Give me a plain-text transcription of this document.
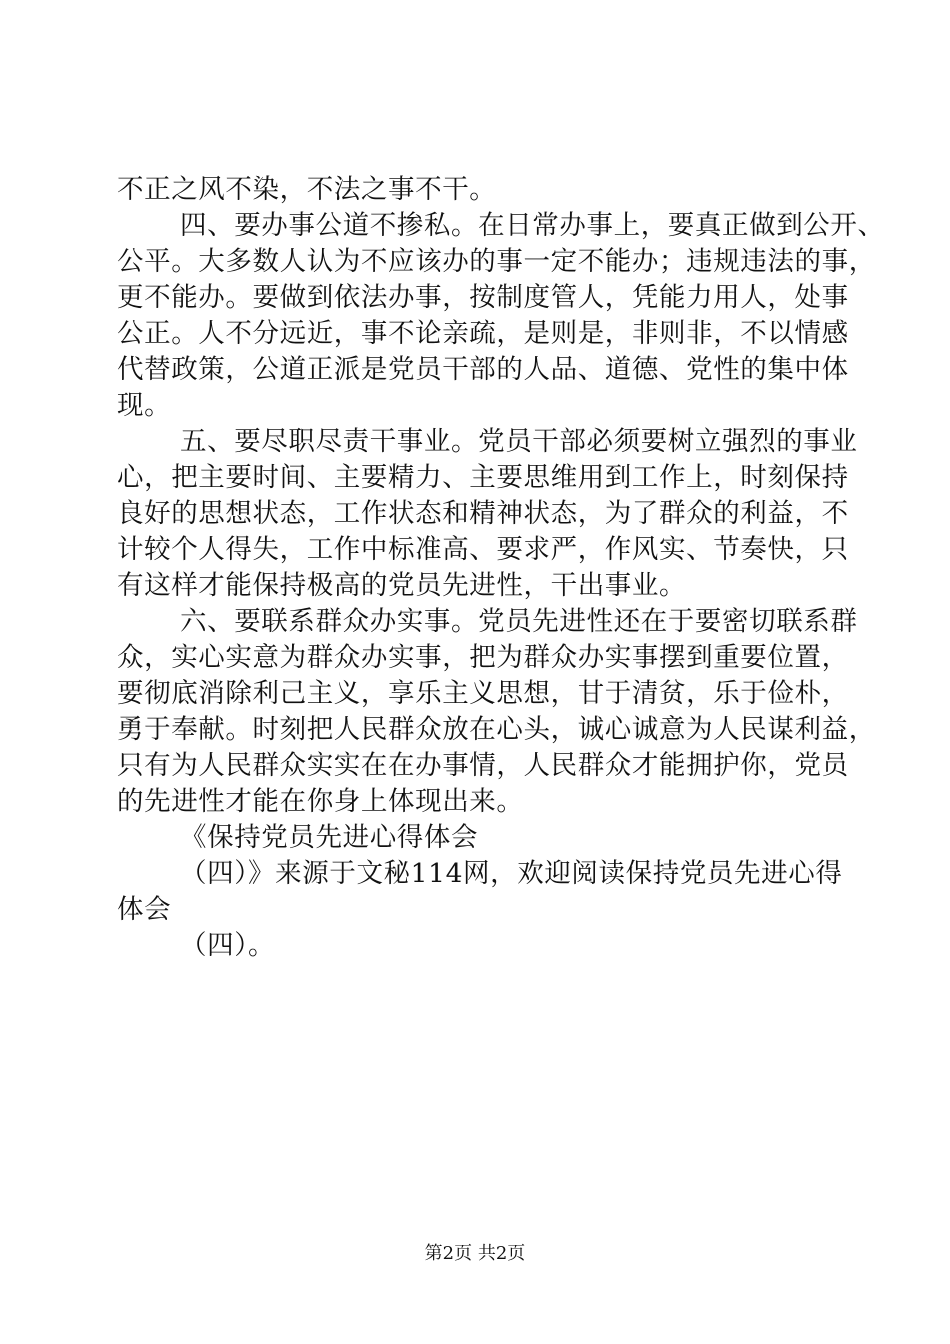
不正之风不染，不法之事不干。
四、要办事公道不掺私。在日常办事上，要真正做到公开、
公平。大多数人认为不应该办的事一定不能办；违规违法的事，
更不能办。要做到依法办事，按制度管人，凭能力用人，处事
公正。人不分远近，事不论亲疏，是则是，非则非，不以情感
代替政策，公道正派是党员干部的人品、道德、党性的集中体
现。
五、要尽职尽责干事业。党员干部必须要树立强烈的事业
心，把主要时间、主要精力、主要思维用到工作上，时刻保持
良好的思想状态，工作状态和精神状态，为了群众的利益，不
计较个人得失，工作中标准高、要求严，作风实、节奏快，只
有这样才能保持极高的党员先进性，干出事业。
六、要联系群众办实事。党员先进性还在于要密切联系群
众，实心实意为群众办实事，把为群众办实事摆到重要位置，
要彻底消除利己主义，享乐主义思想，甘于清贫，乐于俭朴，
勇于奉献。时刻把人民群众放在心头，诚心诚意为人民谋利益，
只有为人民群众实实在在办事情，人民群众才能拥护你，党员
的先进性才能在你身上体现出来。
《保持党员先进心得体会
（四）》来源于文秘114网，欢迎阅读保持党员先进心得
体会
（四）。
第2页 共2页
